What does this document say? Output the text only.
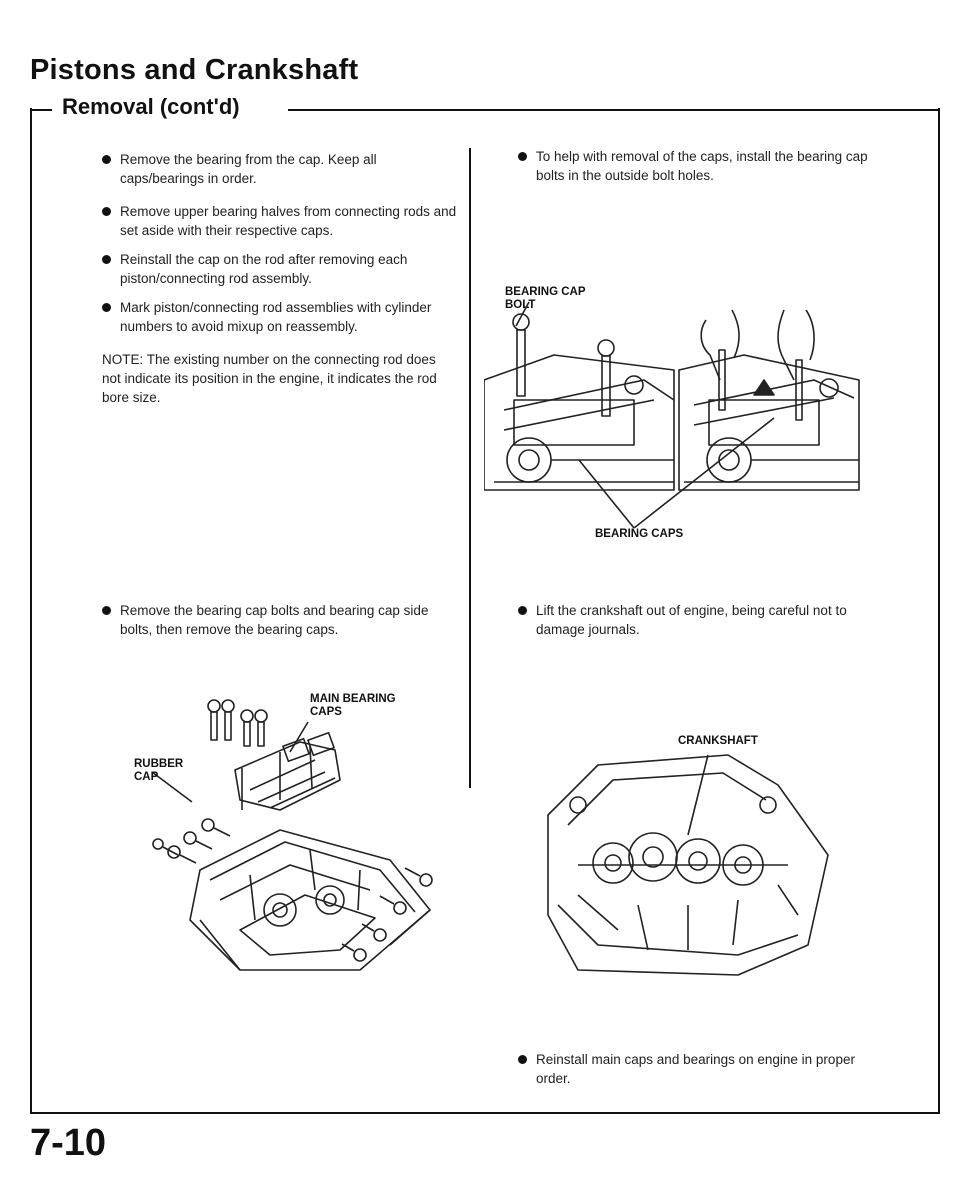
Pistons and Crankshaft
Removal (cont'd)
Remove the bearing from the cap. Keep all caps/bearings in order.
Remove upper bearing halves from connecting rods and set aside with their respective caps.
Reinstall the cap on the rod after removing each piston/connecting rod assembly.
Mark piston/connecting rod assemblies with cylinder numbers to avoid mixup on reassembly.
NOTE: The existing number on the connecting rod does not indicate its position in the engine, it indicates the rod bore size.
Remove the bearing cap bolts and bearing cap side bolts, then remove the bearing caps.
MAIN BEARING
CAPS
RUBBER
CAP
To help with removal of the caps, install the bearing cap bolts in the outside bolt holes.
BEARING CAP
BOLT
BEARING CAPS
Lift the crankshaft out of engine, being careful not to damage journals.
CRANKSHAFT
Reinstall main caps and bearings on engine in proper order.
7-10
